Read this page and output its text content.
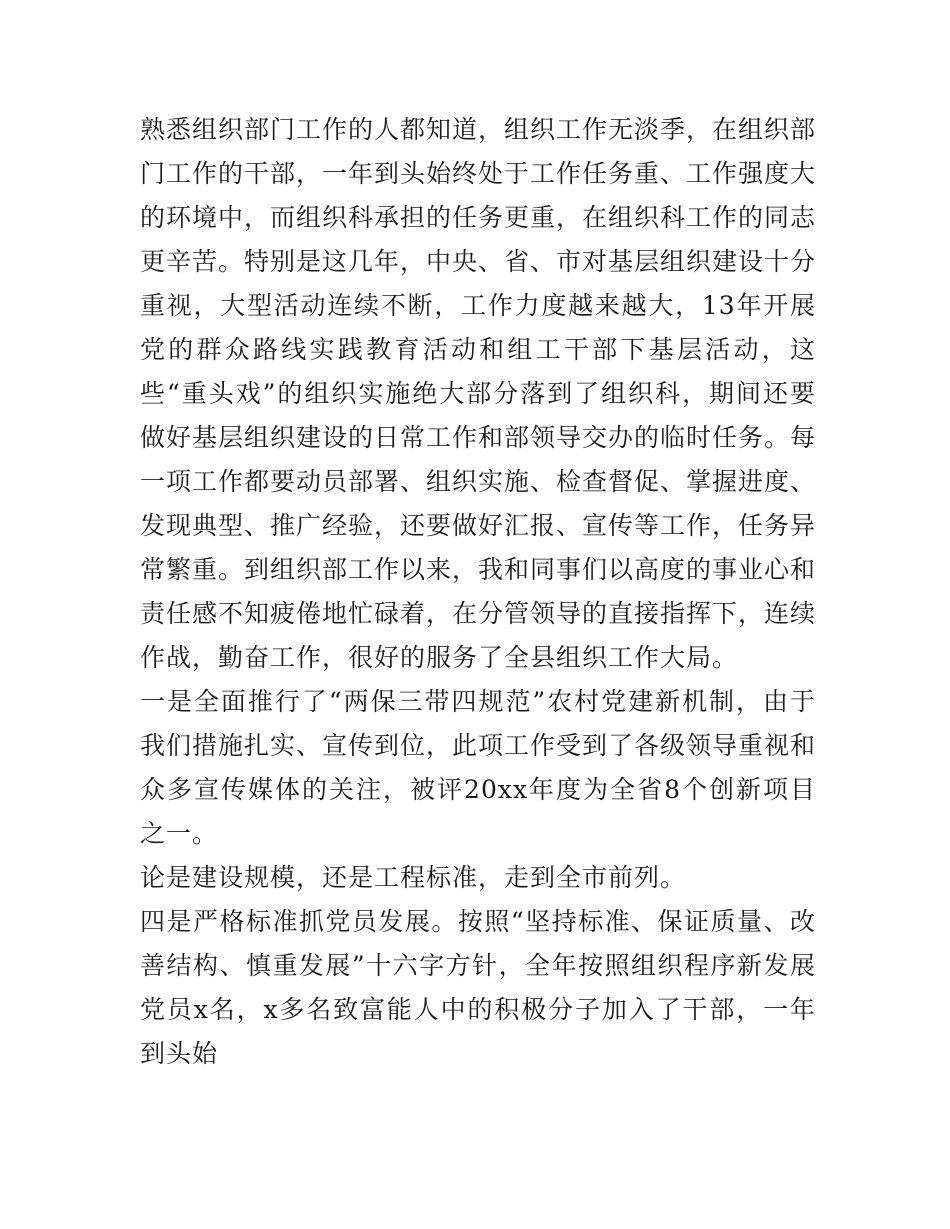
熟悉组织部门工作的人都知道，组织工作无淡季，在组织部门工作的干部，一年到头始终处于工作任务重、工作强度大的环境中，而组织科承担的任务更重，在组织科工作的同志更辛苦。特别是这几年，中央、省、市对基层组织建设十分重视，大型活动连续不断，工作力度越来越大，13年开展党的群众路线实践教育活动和组工干部下基层活动，这些“重头戏”的组织实施绝大部分落到了组织科，期间还要做好基层组织建设的日常工作和部领导交办的临时任务。每一项工作都要动员部署、组织实施、检查督促、掌握进度、发现典型、推广经验，还要做好汇报、宣传等工作，任务异常繁重。到组织部工作以来，我和同事们以高度的事业心和责任感不知疲倦地忙碌着，在分管领导的直接指挥下，连续作战，勤奋工作，很好的服务了全县组织工作大局。

一是全面推行了“两保三带四规范”农村党建新机制，由于我们措施扎实、宣传到位，此项工作受到了各级领导重视和众多宣传媒体的关注，被评20xx年度为全省8个创新项目之一。

论是建设规模，还是工程标准，走到全市前列。

四是严格标准抓党员发展。按照“坚持标准、保证质量、改善结构、慎重发展”十六字方针，全年按照组织程序新发展党员x名，x多名致富能人中的积极分子加入了干部，一年到头始
